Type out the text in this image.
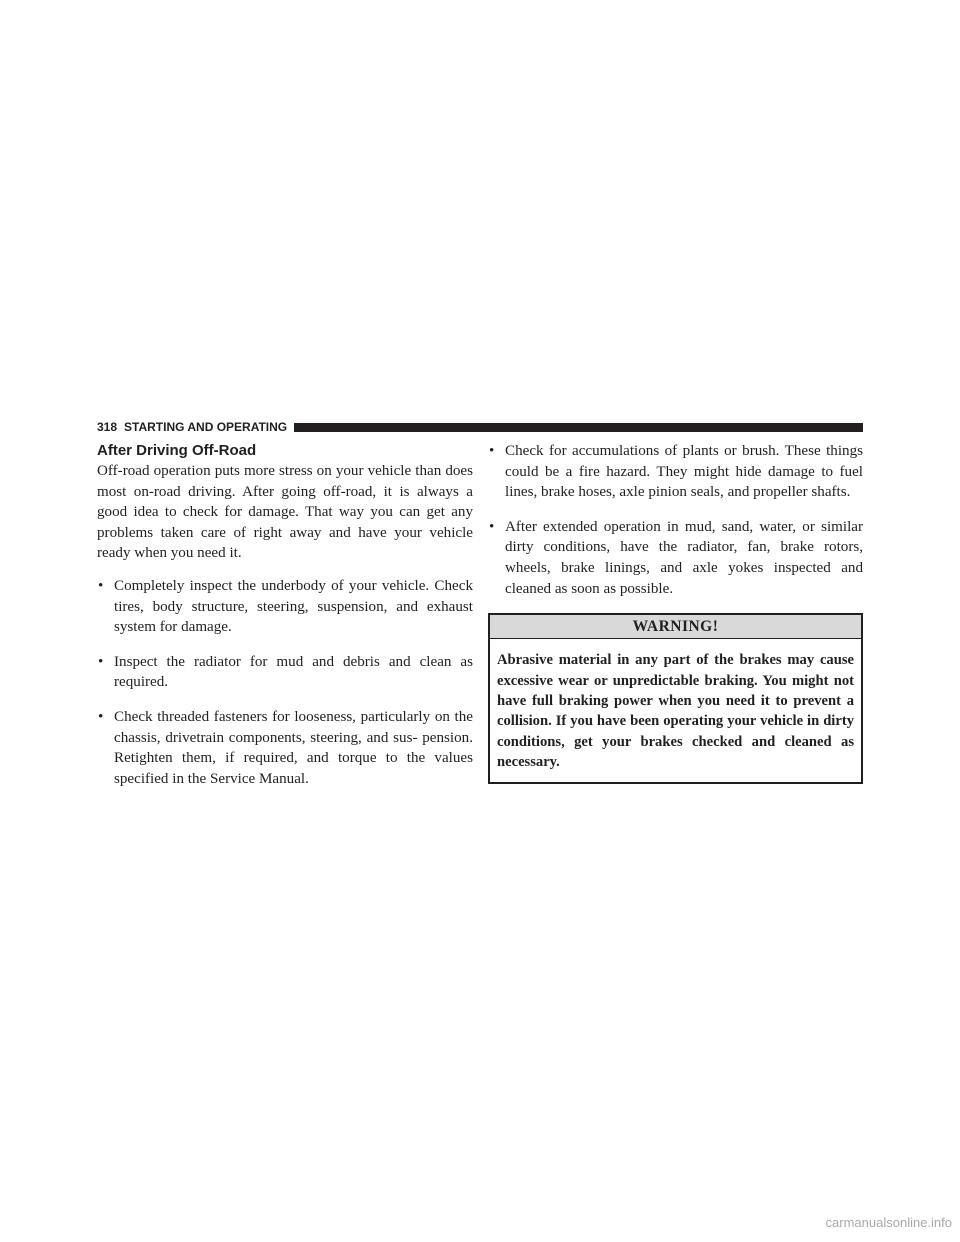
318 STARTING AND OPERATING
After Driving Off-Road

Off-road operation puts more stress on your vehicle than does most on-road driving. After going off-road, it is always a good idea to check for damage. That way you can get any problems taken care of right away and have your vehicle ready when you need it.

• Completely inspect the underbody of your vehicle. Check tires, body structure, steering, suspension, and exhaust system for damage.
• Inspect the radiator for mud and debris and clean as required.
• Check threaded fasteners for looseness, particularly on the chassis, drivetrain components, steering, and sus- pension. Retighten them, if required, and torque to the values specified in the Service Manual.
• Check for accumulations of plants or brush. These things could be a fire hazard. They might hide damage to fuel lines, brake hoses, axle pinion seals, and propeller shafts.
• After extended operation in mud, sand, water, or similar dirty conditions, have the radiator, fan, brake rotors, wheels, brake linings, and axle yokes inspected and cleaned as soon as possible.
WARNING!
Abrasive material in any part of the brakes may cause excessive wear or unpredictable braking. You might not have full braking power when you need it to prevent a collision. If you have been operating your vehicle in dirty conditions, get your brakes checked and cleaned as necessary.
carmanualsonline.info
